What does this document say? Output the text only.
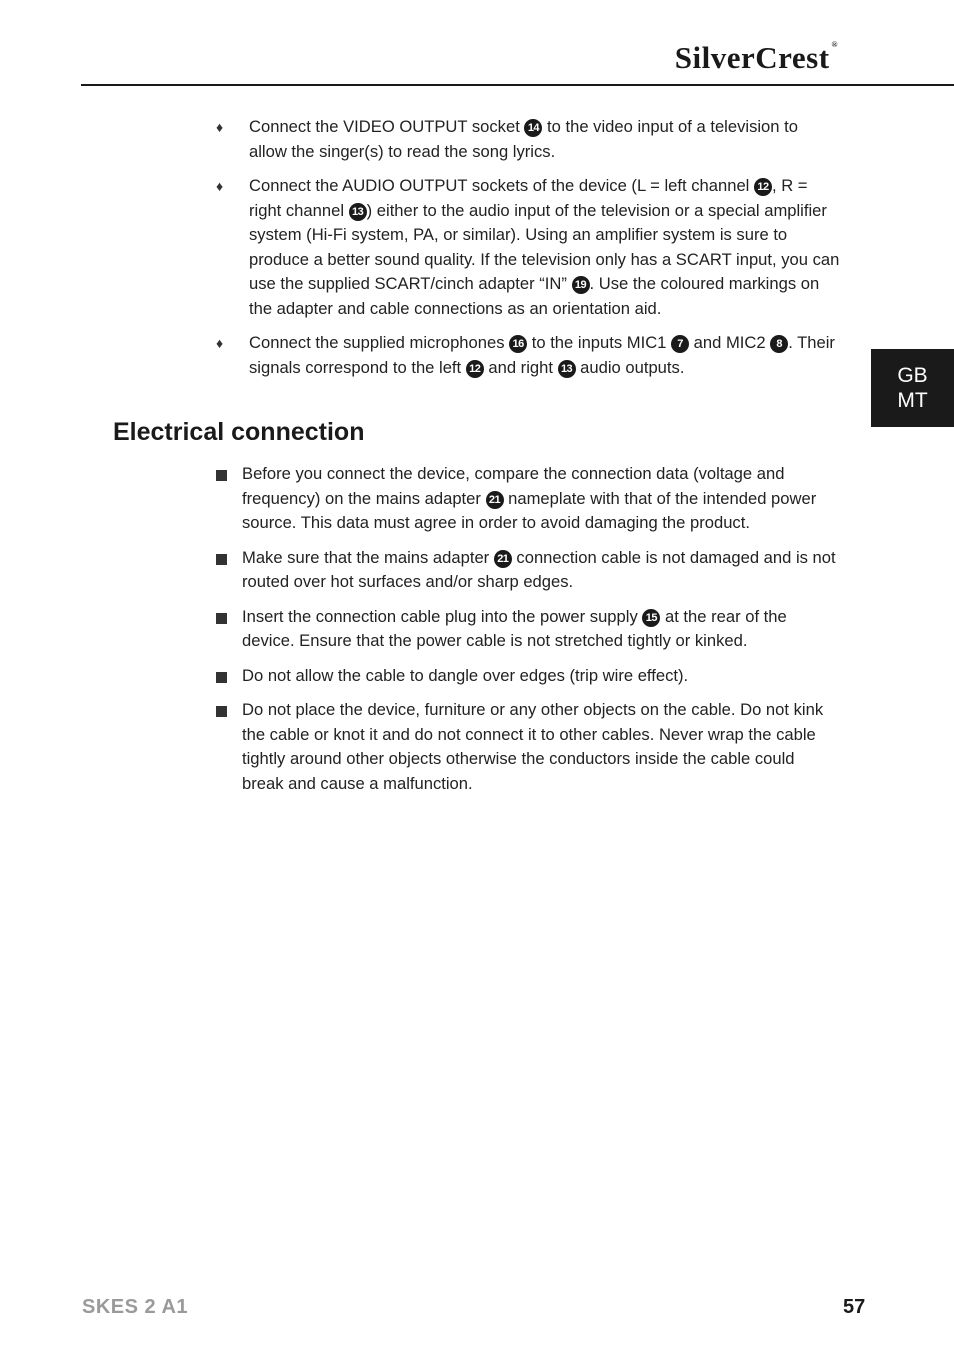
SilverCrest ®
GB
MT
♦ Connect the VIDEO OUTPUT socket 14 to the video input of a television to allow the singer(s) to read the song lyrics.
♦ Connect the AUDIO OUTPUT sockets of the device (L = left channel 12 , R = right channel 13 ) either to the audio input of the television or a special amplifier system (Hi-Fi system, PA, or similar). Using an amplifier system is sure to produce a better sound quality. If the television only has a SCART input, you can use the supplied SCART/cinch adapter “IN” 19 . Use the coloured markings on the adapter and cable connections as an orientation aid.
♦ Connect the supplied microphones 16 to the inputs MIC1 7 and MIC2 8 . Their signals correspond to the left 12 and right 13 audio outputs.
Electrical connection
Before you connect the device, compare the connection data (voltage and frequency) on the mains adapter 21 nameplate with that of the intended power source. This data must agree in order to avoid damaging the product.
Make sure that the mains adapter 21 connection cable is not damaged and is not routed over hot surfaces and/or sharp edges.
Insert the connection cable plug into the power supply 15 at the rear of the device. Ensure that the power cable is not stretched tightly or kinked.
Do not allow the cable to dangle over edges (trip wire effect).
Do not place the device, furniture or any other objects on the cable. Do not kink the cable or knot it and do not connect it to other cables. Never wrap the cable tightly around other objects otherwise the conductors inside the cable could break and cause a malfunction.
SKES 2 A1	57
